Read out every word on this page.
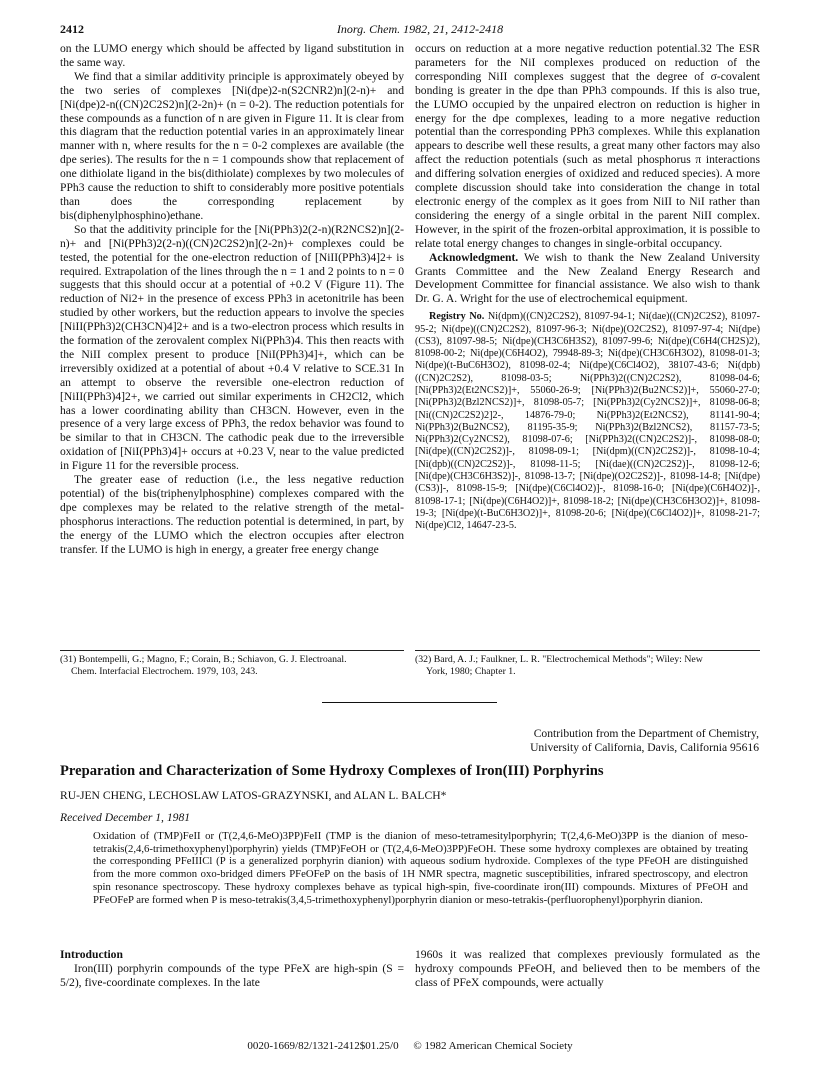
2412	Inorg. Chem. 1982, 21, 2412-2418

on the LUMO energy which should be affected by ligand substitution in the same way.

We find that a similar additivity principle is approximately obeyed by the two series of complexes [Ni(dpe)2-n(S2CNR2)n](2-n)+ and [Ni(dpe)2-n((CN)2C2S2)n](2-2n)+ (n = 0-2). The reduction potentials for these compounds as a function of n are given in Figure 11. It is clear from this diagram that the reduction potential varies in an approximately linear manner with n, where results for the n = 0-2 complexes are available (the dpe series). The results for the n = 1 compounds show that replacement of one dithiolate ligand in the bis(dithiolate) complexes by two molecules of PPh3 cause the reduction to shift to considerably more positive potentials than does the corresponding replacement by bis(diphenylphosphino)ethane.

So that the additivity principle for the [Ni(PPh3)2(2-n)(R2NCS2)n](2-n)+ and [Ni(PPh3)2(2-n)((CN)2C2S2)n](2-2n)+ complexes could be tested, the potential for the one-electron reduction of [NiII(PPh3)4]2+ is required. Extrapolation of the lines through the n = 1 and 2 points to n = 0 suggests that this should occur at a potential of +0.2 V (Figure 11). The reduction of Ni2+ in the presence of excess PPh3 in acetonitrile has been studied by other workers, but the reduction appears to involve the species [NiII(PPh3)2(CH3CN)4]2+ and is a two-electron process which results in the formation of the zerovalent complex Ni(PPh3)4. This then reacts with the NiII complex present to produce [NiI(PPh3)4]+, which can be irreversibly oxidized at a potential of about +0.4 V relative to SCE.31 In an attempt to observe the reversible one-electron reduction of [NiII(PPh3)4]2+, we carried out similar experiments in CH2Cl2, which has a lower coordinating ability than CH3CN. However, even in the presence of a very large excess of PPh3, the redox behavior was found to be similar to that in CH3CN. The cathodic peak due to the irreversible oxidation of [NiI(PPh3)4]+ occurs at +0.23 V, near to the value predicted in Figure 11 for the reversible process.

The greater ease of reduction (i.e., the less negative reduction potential) of the bis(triphenylphosphine) complexes compared with the dpe complexes may be related to the relative strength of the metal-phosphorus interactions. The reduction potential is determined, in part, by the energy of the LUMO which the electron occupies after electron transfer. If the LUMO is high in energy, a greater free energy change

occurs on reduction at a more negative reduction potential.32 The ESR parameters for the NiI complexes produced on reduction of the corresponding NiII complexes suggest that the degree of σ-covalent bonding is greater in the dpe than PPh3 compounds. If this is also true, the LUMO occupied by the unpaired electron on reduction is higher in energy for the dpe complexes, leading to a more negative reduction potential than the corresponding PPh3 complexes. While this explanation appears to describe well these results, a great many other factors may also affect the reduction potentials (such as metal phosphorus π interactions and differing solvation energies of oxidized and reduced species). A more complete discussion should take into consideration the change in total electronic energy of the complex as it goes from NiII to NiI rather than considering the energy of a single orbital in the parent NiII complex. However, in the spirit of the frozen-orbital approximation, it is possible to relate total energy changes to changes in single-orbital occupancy.

Acknowledgment. We wish to thank the New Zealand University Grants Committee and the New Zealand Energy Research and Development Committee for financial assistance. We also wish to thank Dr. G. A. Wright for the use of electrochemical equipment.

Registry No. Ni(dpm)((CN)2C2S2), 81097-94-1; Ni(dae)((CN)2C2S2), 81097-95-2; Ni(dpe)((CN)2C2S2), 81097-96-3; Ni(dpe)(O2C2S2), 81097-97-4; Ni(dpe)(CS3), 81097-98-5; Ni(dpe)(CH3C6H3S2), 81097-99-6; Ni(dpe)(C6H4(CH2S)2), 81098-00-2; Ni(dpe)(C6H4O2), 79948-89-3; Ni(dpe)(CH3C6H3O2), 81098-01-3; Ni(dpe)(t-BuC6H3O2), 81098-02-4; Ni(dpe)(C6Cl4O2), 38107-43-6; Ni(dpb)((CN)2C2S2), 81098-03-5; Ni(PPh3)2((CN)2C2S2), 81098-04-6; [Ni(PPh3)2(Et2NCS2)]+, 55060-26-9; [Ni(PPh3)2(Bu2NCS2)]+, 55060-27-0; [Ni(PPh3)2(Bzl2NCS2)]+, 81098-05-7; [Ni(PPh3)2(Cy2NCS2)]+, 81098-06-8; [Ni((CN)2C2S2)2]2-, 14876-79-0; Ni(PPh3)2(Et2NCS2), 81141-90-4; Ni(PPh3)2(Bu2NCS2), 81195-35-9; Ni(PPh3)2(Bzl2NCS2), 81157-73-5; Ni(PPh3)2(Cy2NCS2), 81098-07-6; [Ni(PPh3)2((CN)2C2S2)]-, 81098-08-0; [Ni(dpe)((CN)2C2S2)]-, 81098-09-1; [Ni(dpm)((CN)2C2S2)]-, 81098-10-4; [Ni(dpb)((CN)2C2S2)]-, 81098-11-5; [Ni(dae)((CN)2C2S2)]-, 81098-12-6; [Ni(dpe)(CH3C6H3S2)]-, 81098-13-7; [Ni(dpe)(O2C2S2)]-, 81098-14-8; [Ni(dpe)(CS3)]-, 81098-15-9; [Ni(dpe)(C6Cl4O2)]-, 81098-16-0; [Ni(dpe)(C6H4O2)]-, 81098-17-1; [Ni(dpe)(C6H4O2)]+, 81098-18-2; [Ni(dpe)(CH3C6H3O2)]+, 81098-19-3; [Ni(dpe)(t-BuC6H3O2)]+, 81098-20-6; [Ni(dpe)(C6Cl4O2)]+, 81098-21-7; Ni(dpe)Cl2, 14647-23-5.

(31) Bontempelli, G.; Magno, F.; Corain, B.; Schiavon, G. J. Electroanal.
Chem. Interfacial Electrochem. 1979, 103, 243.
(32) Bard, A. J.; Faulkner, L. R. "Electrochemical Methods"; Wiley: New
York, 1980; Chapter 1.
Contribution from the Department of Chemistry,
University of California, Davis, California 95616
Preparation and Characterization of Some Hydroxy Complexes of Iron(III) Porphyrins
RU-JEN CHENG, LECHOSLAW LATOS-GRAZYNSKI, and ALAN L. BALCH*
Received December 1, 1981
Oxidation of (TMP)FeII or (T(2,4,6-MeO)3PP)FeII (TMP is the dianion of meso-tetramesitylporphyrin; T(2,4,6-MeO)3PP is the dianion of meso-tetrakis(2,4,6-trimethoxyphenyl)porphyrin) yields (TMP)FeOH or (T(2,4,6-MeO)3PP)FeOH. These some hydroxy complexes are obtained by treating the corresponding PFeIIICl (P is a generalized porphyrin dianion) with aqueous sodium hydroxide. Complexes of the type PFeOH are distinguished from the more common oxo-bridged dimers PFeOFeP on the basis of 1H NMR spectra, magnetic susceptibilities, infrared spectroscopy, and electron spin resonance spectroscopy. These hydroxy complexes behave as typical high-spin, five-coordinate iron(III) compounds. Mixtures of PFeOH and PFeOFeP are formed when P is meso-tetrakis(3,4,5-trimethoxyphenyl)porphyrin dianion or meso-tetrakis-(perfluorophenyl)porphyrin dianion.
Introduction
Iron(III) porphyrin compounds of the type PFeX are high-spin (S = 5/2), five-coordinate complexes. In the late
1960s it was realized that complexes previously formulated as the hydroxy compounds PFeOH, and believed then to be members of the class of PFeX compounds, were actually
0020-1669/82/1321-2412$01.25/0 © 1982 American Chemical Society
